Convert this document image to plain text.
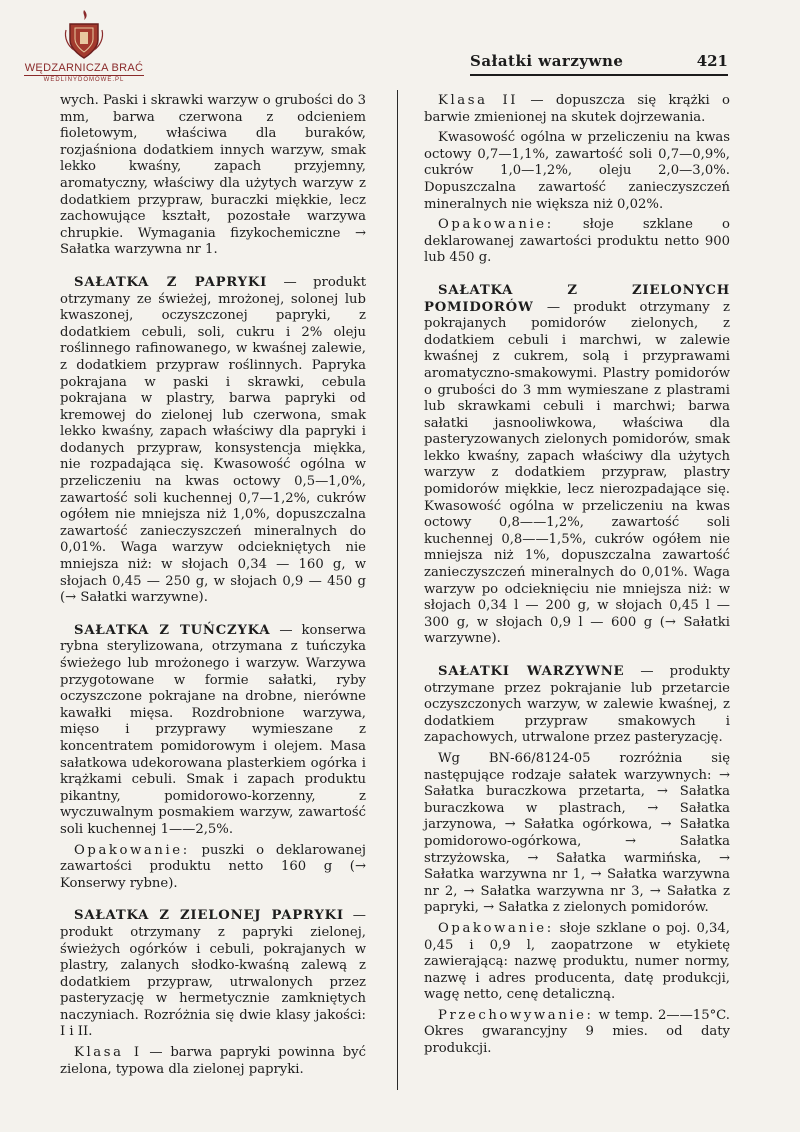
WĘDZARNICZA BRAĆ
WEDLINYDOMOWE.PL
Sałatki warzywne	421

wych. Paski i skrawki warzyw o grubości do 3 mm, barwa czerwona z odcieniem fioletowym, właściwa dla buraków, rozjaśniona dodatkiem innych warzyw, smak lekko kwaśny, zapach przyjemny, aromatyczny, właściwy dla użytych warzyw z dodatkiem przypraw, buraczki miękkie, lecz zachowujące kształt, pozostałe warzywa chrupkie. Wymagania fizykochemiczne → Sałatka warzywna nr 1.

SAŁATKA Z PAPRYKI — produkt otrzymany ze świeżej, mrożonej, solonej lub kwaszonej, oczyszczonej papryki, z dodatkiem cebuli, soli, cukru i 2% oleju roślinnego rafinowanego, w kwaśnej zalewie, z dodatkiem przypraw roślinnych. Papryka pokrajana w paski i skrawki, cebula pokrajana w plastry, barwa papryki od kremowej do zielonej lub czerwona, smak lekko kwaśny, zapach właściwy dla papryki i dodanych przypraw, konsystencja miękka, nie rozpadająca się. Kwasowość ogólna w przeliczeniu na kwas octowy 0,5—1,0%, zawartość soli kuchennej 0,7—1,2%, cukrów ogółem nie mniejsza niż 1,0%, dopuszczalna zawartość zanieczyszczeń mineralnych do 0,01%. Waga warzyw odciekniętych nie mniejsza niż: w słojach 0,34 — 160 g, w słojach 0,45 — 250 g, w słojach 0,9 — 450 g (→ Sałatki warzywne).

SAŁATKA Z TUŃCZYKA — konserwa rybna sterylizowana, otrzymana z tuńczyka świeżego lub mrożonego i warzyw. Warzywa przygotowane w formie sałatki, ryby oczyszczone pokrajane na drobne, nierówne kawałki mięsa. Rozdrobnione warzywa, mięso i przyprawy wymieszane z koncentratem pomidorowym i olejem. Masa sałatkowa udekorowana plasterkiem ogórka i krążkami cebuli. Smak i zapach produktu pikantny, pomidorowo-korzenny, z wyczuwalnym posmakiem warzyw, zawartość soli kuchennej 1——2,5%.

Opakowanie: puszki o deklarowanej zawartości produktu netto 160 g (→ Konserwy rybne).

SAŁATKA Z ZIELONEJ PAPRYKI — produkt otrzymany z papryki zielonej, świeżych ogórków i cebuli, pokrajanych w plastry, zalanych słodko-kwaśną zalewą z dodatkiem przypraw, utrwalonych przez pasteryzację w hermetycznie zamkniętych naczyniach. Rozróżnia się dwie klasy jakości: I i II.

Klasa I — barwa papryki powinna być zielona, typowa dla zielonej papryki.

Klasa II — dopuszcza się krążki o barwie zmienionej na skutek dojrzewania.

Kwasowość ogólna w przeliczeniu na kwas octowy 0,7—1,1%, zawartość soli 0,7—0,9%, cukrów 1,0—1,2%, oleju 2,0—3,0%. Dopuszczalna zawartość zanieczyszczeń mineralnych nie większa niż 0,02%.

Opakowanie: słoje szklane o deklarowanej zawartości produktu netto 900 lub 450 g.

SAŁATKA Z ZIELONYCH POMIDORÓW — produkt otrzymany z pokrajanych pomidorów zielonych, z dodatkiem cebuli i marchwi, w zalewie kwaśnej z cukrem, solą i przyprawami aromatyczno-smakowymi. Plastry pomidorów o grubości do 3 mm wymieszane z plastrami lub skrawkami cebuli i marchwi; barwa sałatki jasnooliwkowa, właściwa dla pasteryzowanych zielonych pomidorów, smak lekko kwaśny, zapach właściwy dla użytych warzyw z dodatkiem przypraw, plastry pomidorów miękkie, lecz nierozpadające się. Kwasowość ogólna w przeliczeniu na kwas octowy 0,8——1,2%, zawartość soli kuchennej 0,8——1,5%, cukrów ogółem nie mniejsza niż 1%, dopuszczalna zawartość zanieczyszczeń mineralnych do 0,01%. Waga warzyw po odcieknięciu nie mniejsza niż: w słojach 0,34 l — 200 g, w słojach 0,45 l — 300 g, w słojach 0,9 l — 600 g (→ Sałatki warzywne).

SAŁATKI WARZYWNE — produkty otrzymane przez pokrajanie lub przetarcie oczyszczonych warzyw, w zalewie kwaśnej, z dodatkiem przypraw smakowych i zapachowych, utrwalone przez pasteryzację.

Wg BN-66/8124-05 rozróżnia się następujące rodzaje sałatek warzywnych: → Sałatka buraczkowa przetarta, → Sałatka buraczkowa w plastrach, → Sałatka jarzynowa, → Sałatka ogórkowa, → Sałatka pomidorowo-ogórkowa, → Sałatka strzyżowska, → Sałatka warmińska, → Sałatka warzywna nr 1, → Sałatka warzywna nr 2, → Sałatka warzywna nr 3, → Sałatka z papryki, → Sałatka z zielonych pomidorów.

Opakowanie: słoje szklane o poj. 0,34, 0,45 i 0,9 l, zaopatrzone w etykietę zawierającą: nazwę produktu, numer normy, nazwę i adres producenta, datę produkcji, wagę netto, cenę detaliczną.

Przechowywanie: w temp. 2——15°C. Okres gwarancyjny 9 mies. od daty produkcji.
